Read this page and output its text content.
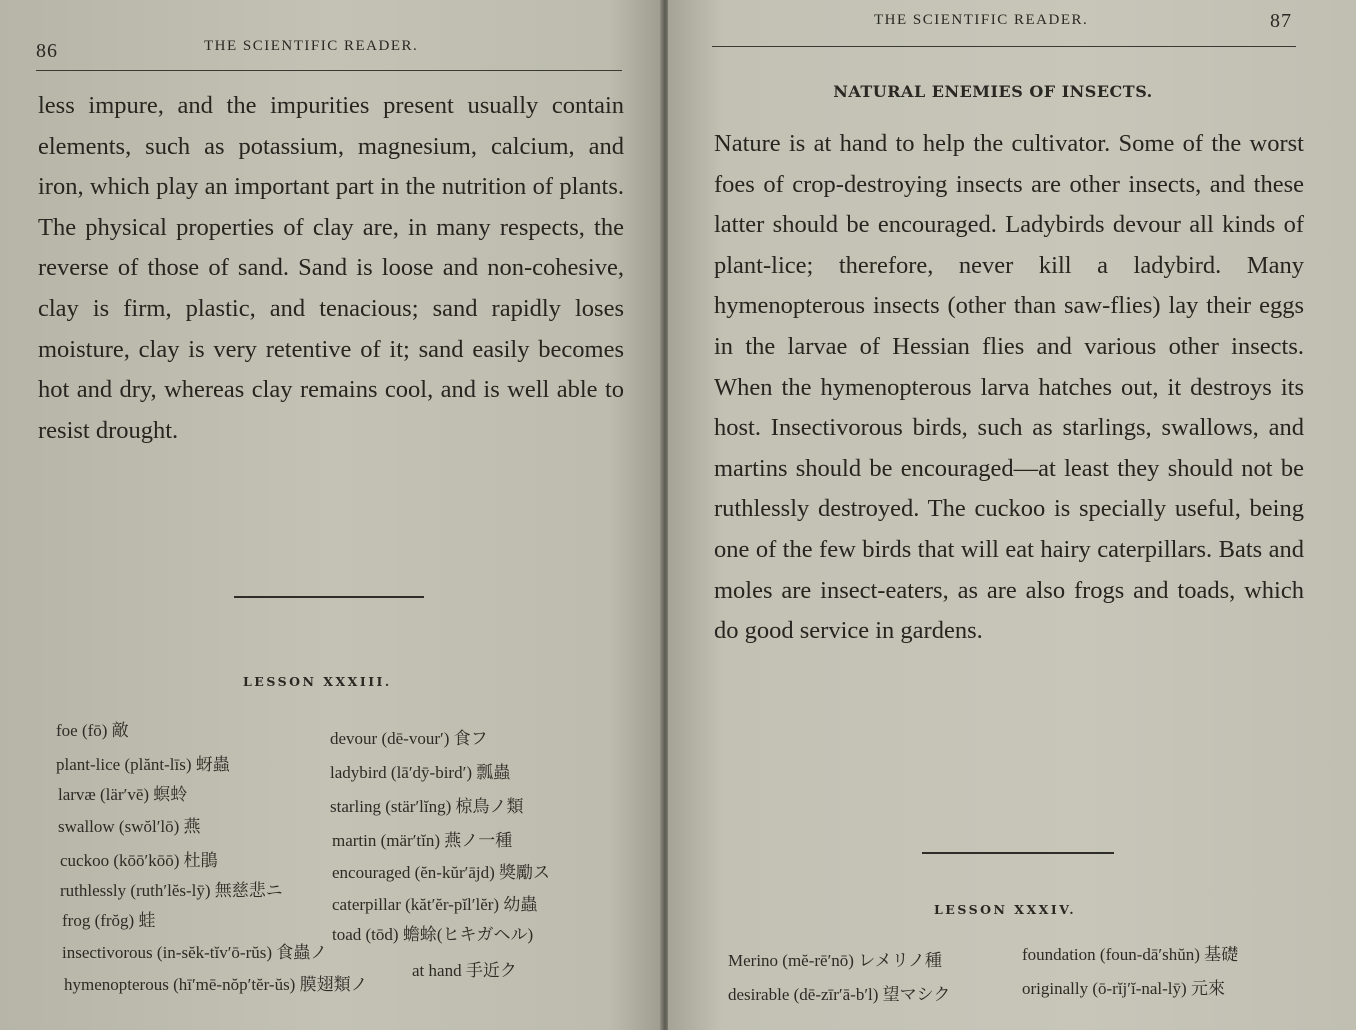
86	THE SCIENTIFIC READER.

less impure, and the impurities present usually contain elements, such as potassium, magnesium, calcium, and iron, which play an important part in the nutrition of plants. The physical properties of clay are, in many respects, the reverse of those of sand. Sand is loose and non-cohesive, clay is firm, plastic, and tenacious; sand rapidly loses moisture, clay is very retentive of it; sand easily becomes hot and dry, whereas clay remains cool, and is well able to resist drought.

LESSON XXXIII.
foe (fō) 敵
plant-lice (plănt-līs) 蚜蟲
larvæ (lär′vē) 螟蛉
swallow (swŏl′lō) 燕
cuckoo (kōō′kōō) 杜鵑
ruthlessly (ruth′lĕs-lȳ) 無慈悲ニ
frog (frŏg) 蛙
insectivorous (in-sĕk-tĭv′ō-rŭs) 食蟲ノ
hymenopterous (hī′mē-nŏp′tĕr-ŭs) 膜翅類ノ
devour (dē-vour′) 食フ
ladybird (lā′dȳ-bird′) 瓢蟲
starling (stär′lĭng) 椋鳥ノ類
martin (mär′tĭn) 燕ノ一種
encouraged (ĕn-kŭr′ājd) 獎勵ス
caterpillar (kăt′ĕr-pĭl′lĕr) 幼蟲
toad (tōd) 蟾蜍(ヒキガヘル)
at hand 手近ク
THE SCIENTIFIC READER.	87
NATURAL ENEMIES OF INSECTS.

Nature is at hand to help the cultivator. Some of the worst foes of crop-destroying insects are other insects, and these latter should be encouraged. Ladybirds devour all kinds of plant-lice; therefore, never kill a ladybird. Many hymenopterous insects (other than saw-flies) lay their eggs in the larvae of Hessian flies and various other insects. When the hymenopterous larva hatches out, it destroys its host. Insectivorous birds, such as starlings, swallows, and martins should be encouraged—at least they should not be ruthlessly destroyed. The cuckoo is specially useful, being one of the few birds that will eat hairy caterpillars. Bats and moles are insect-eaters, as are also frogs and toads, which do good service in gardens.

LESSON XXXIV.
Merino (mĕ-rē′nō) レメリノ種
desirable (dē-zīr′ā-b′l) 望マシク
foundation (foun-dā′shŭn) 基礎
originally (ō-rĭj′ĭ-nal-lȳ) 元來
